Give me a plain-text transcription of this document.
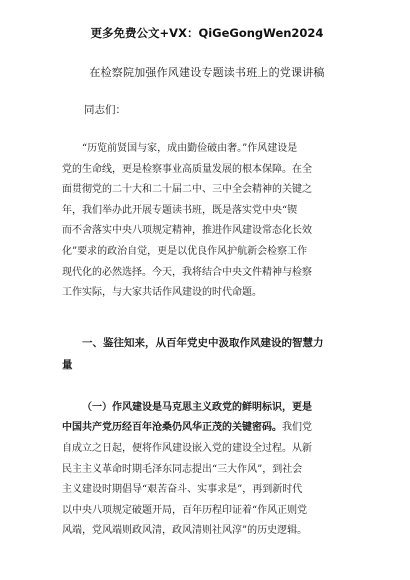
更多免费公文+VX：QiGeGongWen2024
在检察院加强作风建设专题读书班上的党课讲稿
同志们：
“历览前贤国与家，成由勤俭破由奢。”作风建设是
党的生命线，更是检察事业高质量发展的根本保障。在全
面贯彻党的二十大和二十届二中、三中全会精神的关键之
年，我们举办此开展专题读书班，既是落实党中央“锲
而不舍落实中央八项规定精神，推进作风建设常态化长效
化”要求的政治自觉，更是以优良作风护航新会检察工作
现代化的必然选择。今天，我将结合中央文件精神与检察
工作实际，与大家共话作风建设的时代命题。
一、鉴往知来，从百年党史中汲取作风建设的智慧力
量
（一）作风建设是马克思主义政党的鲜明标识，更是
中国共产党历经百年沧桑仍风华正茂的关键密码。我们党
自成立之日起，便将作风建设嵌入党的建设全过程。从新
民主主义革命时期毛泽东同志提出“三大作风”，到社会
主义建设时期倡导“艰苦奋斗、实事求是”，再到新时代
以中央八项规定破题开局，百年历程印证着“作风正则党
风端，党风端则政风清，政风清则社风淳”的历史逻辑。
